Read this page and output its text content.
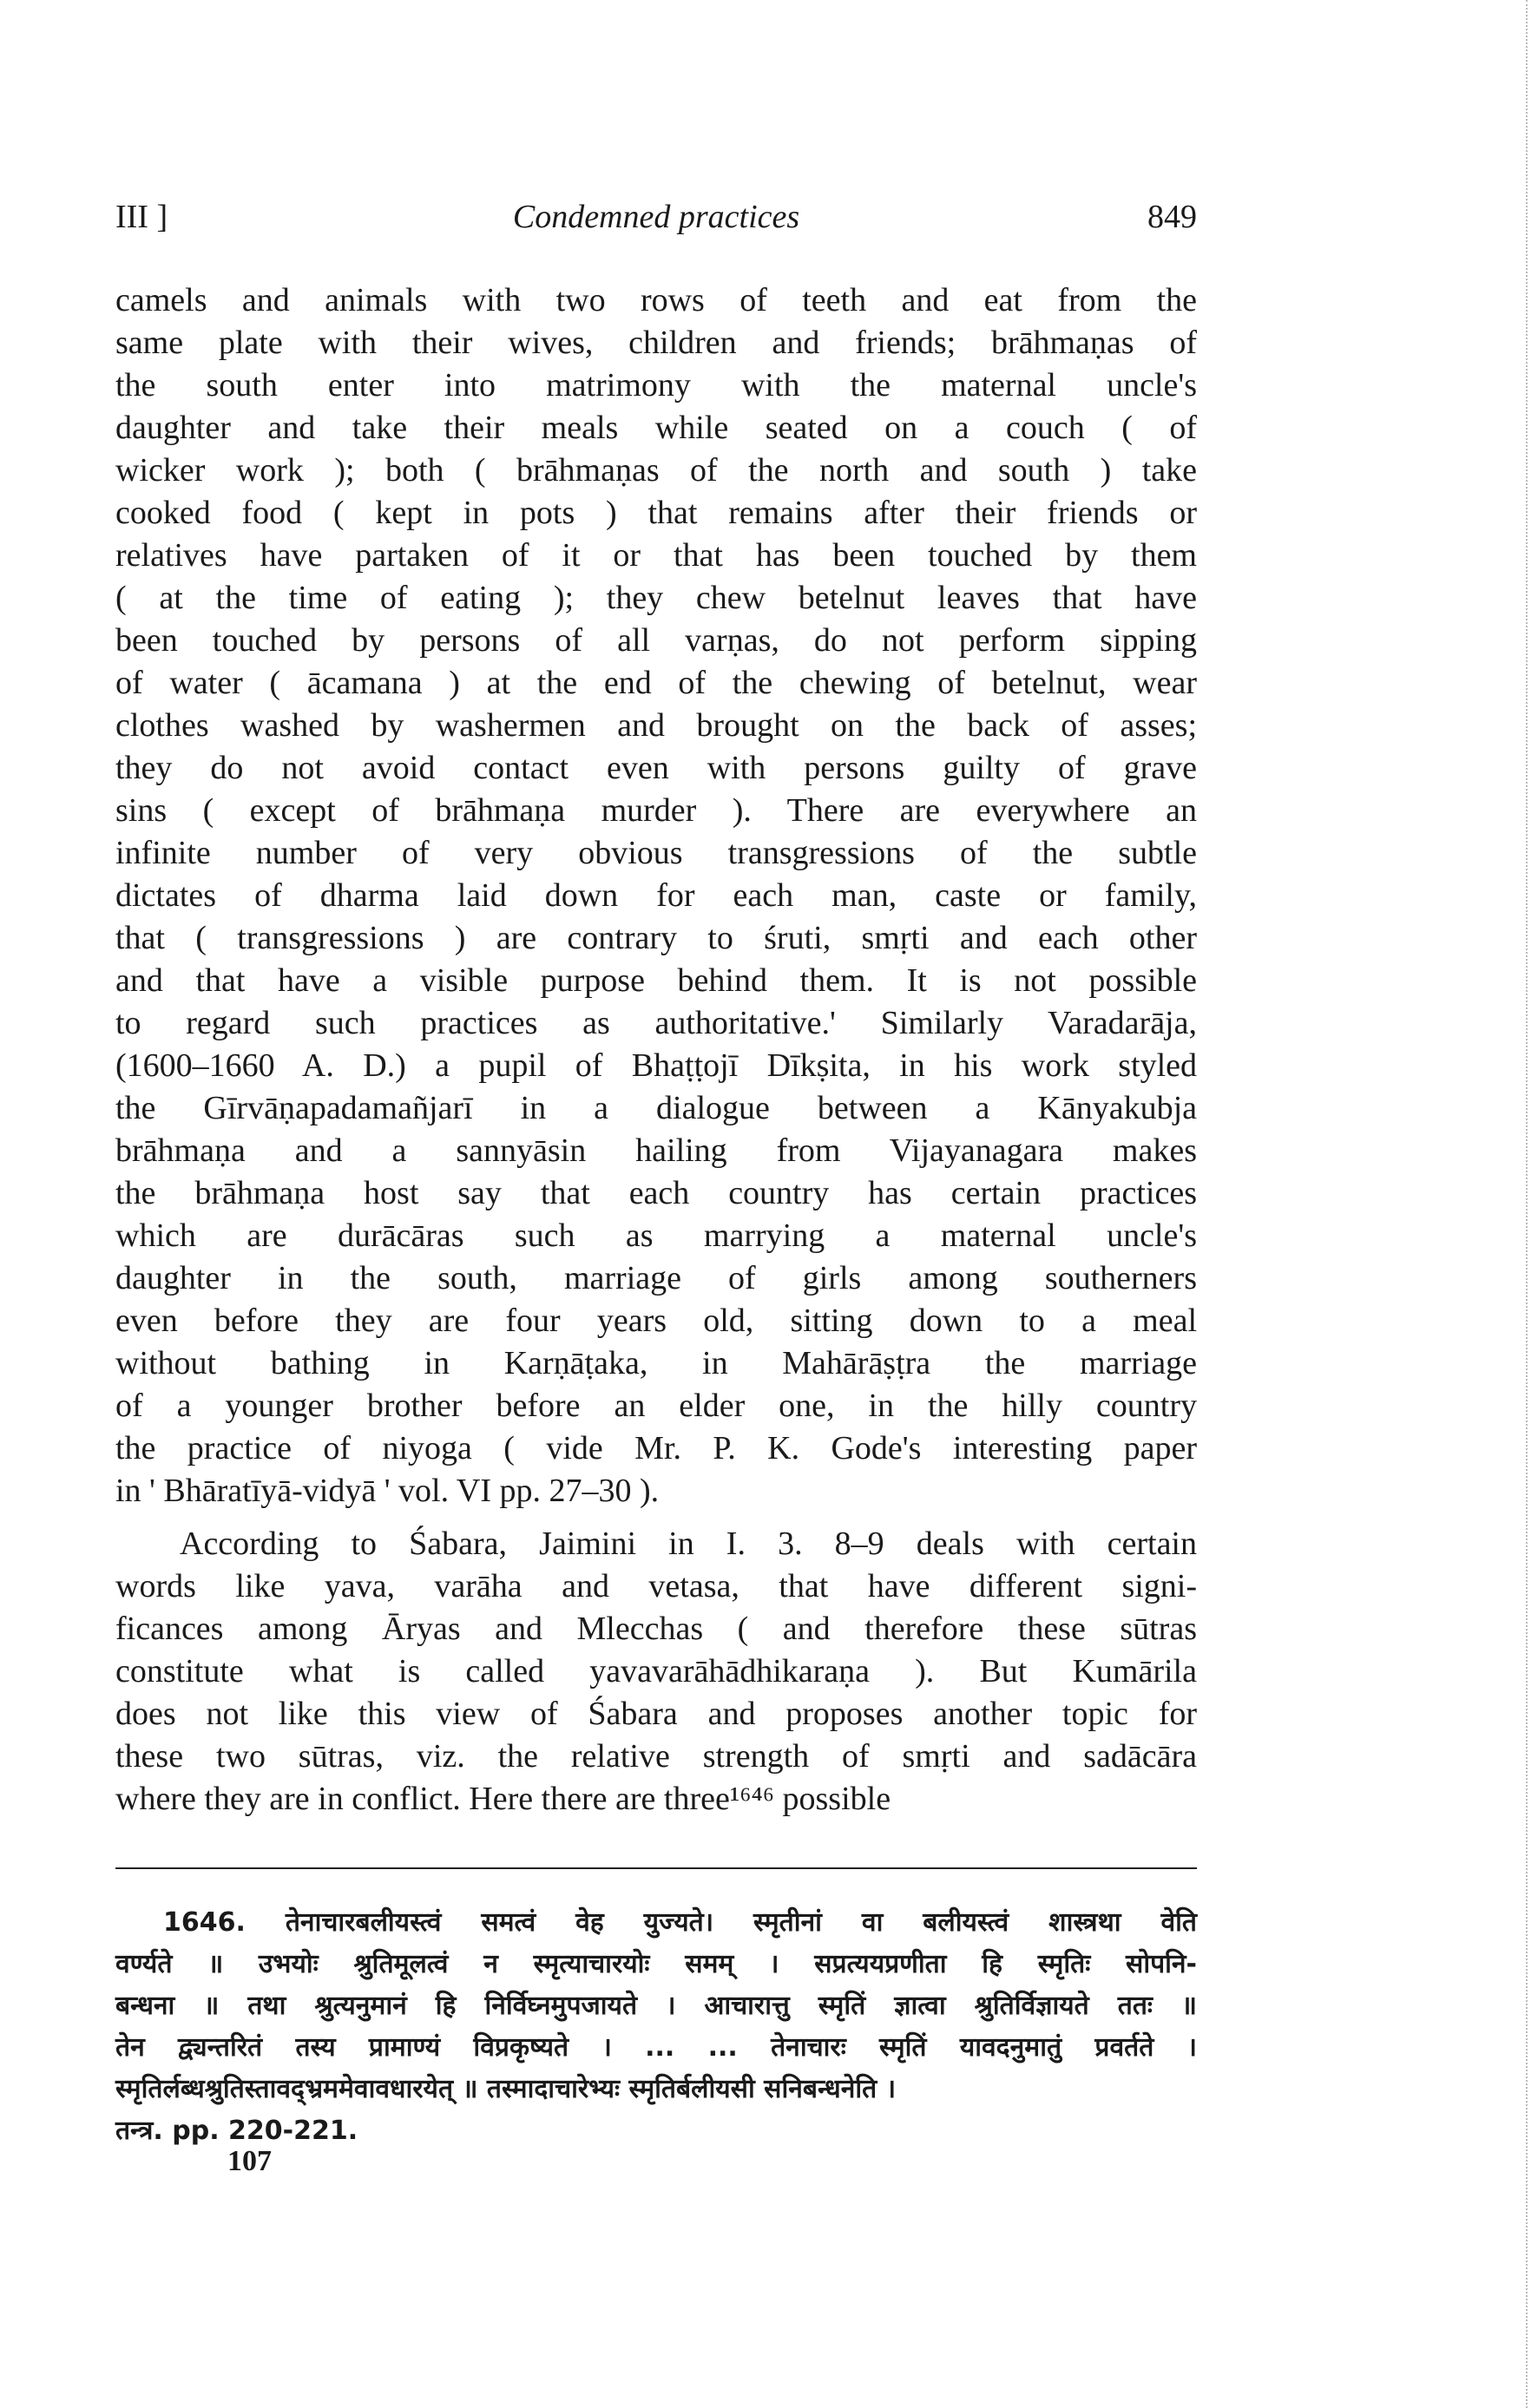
III ]	Condemned practices	849
camels and animals with two rows of teeth and eat from the
same plate with their wives, children and friends; brāhmaṇas of
the south enter into matrimony with the maternal uncle's
daughter and take their meals while seated on a couch ( of
wicker work ); both ( brāhmaṇas of the north and south ) take
cooked food ( kept in pots ) that remains after their friends or
relatives have partaken of it or that has been touched by them
( at the time of eating ); they chew betelnut leaves that have
been touched by persons of all varṇas, do not perform sipping
of water ( ācamana ) at the end of the chewing of betelnut, wear
clothes washed by washermen and brought on the back of asses;
they do not avoid contact even with persons guilty of grave
sins ( except of brāhmaṇa murder ). There are everywhere an
infinite number of very obvious transgressions of the subtle
dictates of dharma laid down for each man, caste or family,
that ( transgressions ) are contrary to śruti, smṛti and each other
and that have a visible purpose behind them. It is not possible
to regard such practices as authoritative.' Similarly Varadarāja,
(1600–1660 A. D.) a pupil of Bhaṭṭojī Dīkṣita, in his work styled
the Gīrvāṇapadamañjarī in a dialogue between a Kānyakubja
brāhmaṇa and a sannyāsin hailing from Vijayanagara makes
the brāhmaṇa host say that each country has certain practices
which are durācāras such as marrying a maternal uncle's
daughter in the south, marriage of girls among southerners
even before they are four years old, sitting down to a meal
without bathing in Karṇāṭaka, in Mahārāṣṭra the marriage
of a younger brother before an elder one, in the hilly country
the practice of niyoga ( vide Mr. P. K. Gode's interesting paper
in ' Bhāratīyā-vidyā ' vol. VI pp. 27–30 ).
According to Śabara, Jaimini in I. 3. 8–9 deals with certain
words like yava, varāha and vetasa, that have different signi-
ficances among Āryas and Mlecchas ( and therefore these sūtras
constitute what is called yavavarāhādhikaraṇa ). But Kumārila
does not like this view of Śabara and proposes another topic for
these two sūtras, viz. the relative strength of smṛti and sadācāra
where they are in conflict. Here there are three¹⁶⁴⁶ possible
1646. तेनाचारबलीयस्त्वं समत्वं वेह युज्यते। स्मृतीनां वा बलीयस्त्वं शास्त्रथा वेति
वर्ण्यते ॥ उभयोः श्रुतिमूलत्वं न स्मृत्याचारयोः समम् । सप्रत्ययप्रणीता हि स्मृतिः सोपनि-
बन्धना ॥ तथा श्रुत्यनुमानं हि निर्विघ्नमुपजायते । आचारात्तु स्मृतिं ज्ञात्वा श्रुतिर्विज्ञायते ततः ॥
तेन द्व्यन्तरितं तस्य प्रामाण्यं विप्रकृष्यते । ... ... तेनाचारः स्मृतिं यावदनुमातुं प्रवर्तते ।
स्मृतिर्लब्धश्रुतिस्तावद्भ्रममेवावधारयेत् ॥ तस्मादाचारेभ्यः स्मृतिर्बलीयसी सनिबन्धनेति ।
तन्त्र. pp. 220-221.
107
